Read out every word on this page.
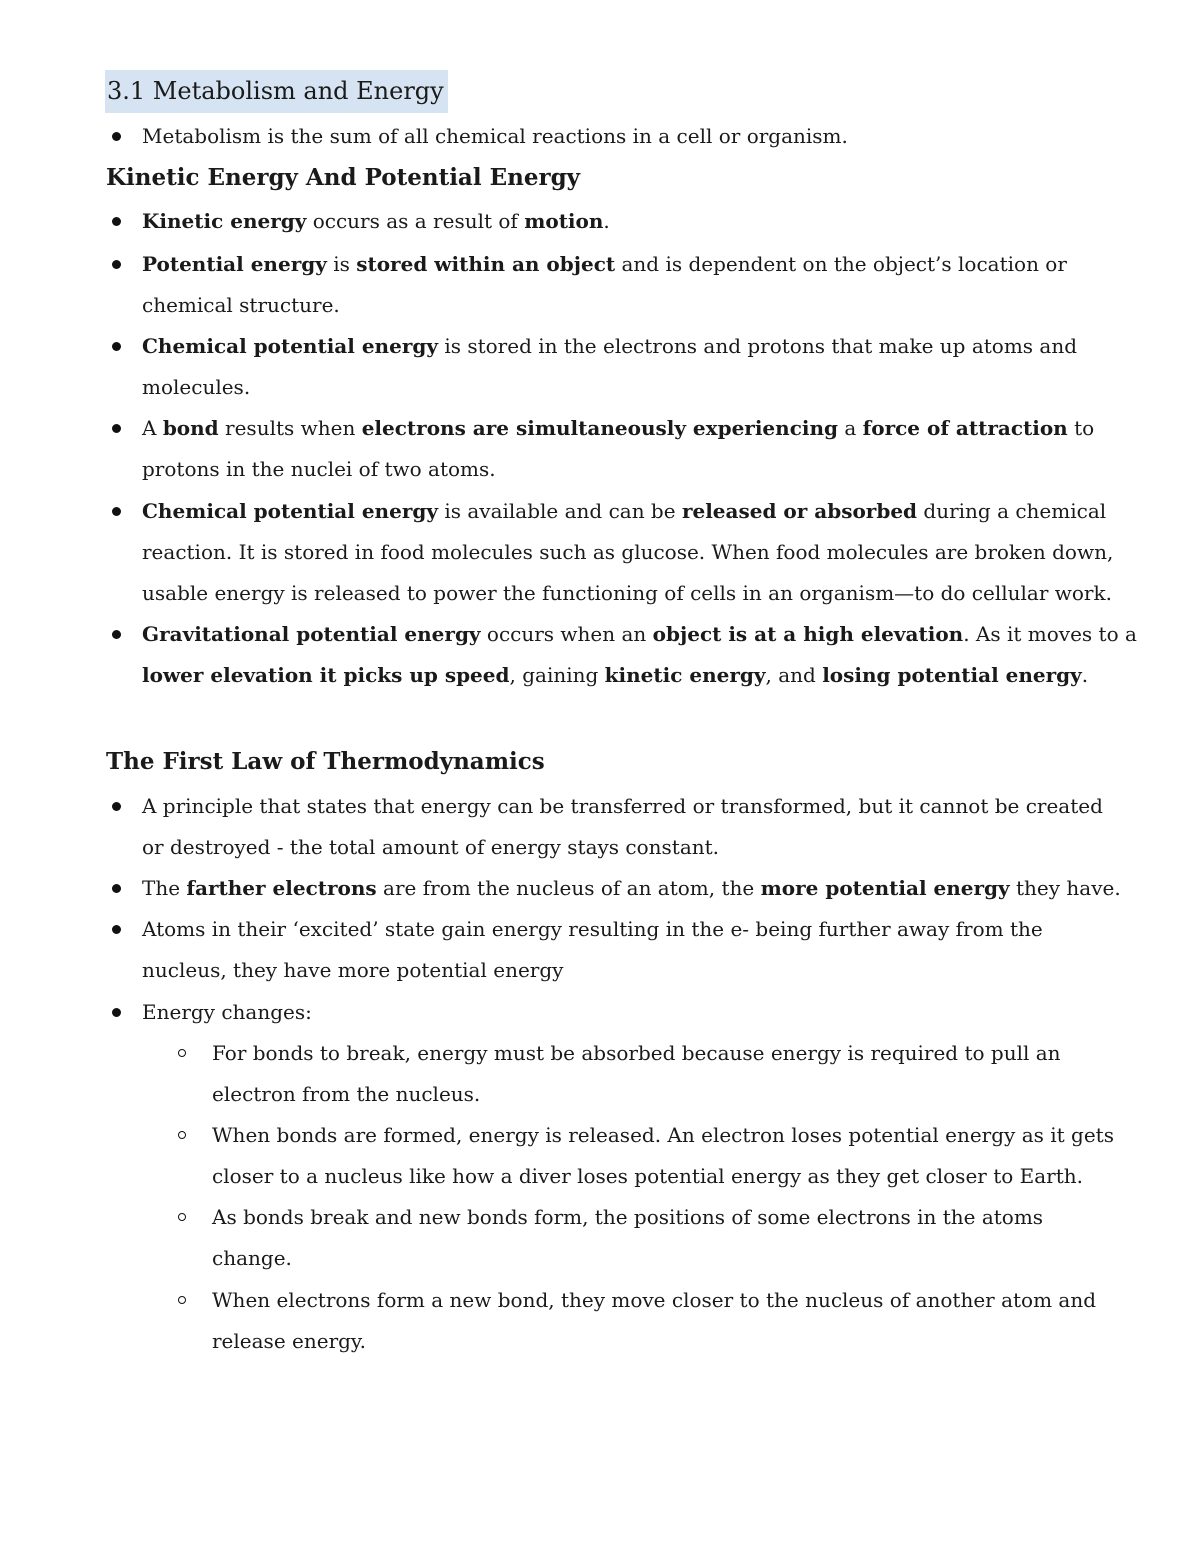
3.1 Metabolism and Energy

Metabolism is the sum of all chemical reactions in a cell or organism.

Kinetic Energy And Potential Energy

Kinetic energy occurs as a result of motion.

Potential energy is stored within an object and is dependent on the object’s location or

chemical structure.

Chemical potential energy is stored in the electrons and protons that make up atoms and

molecules.

A bond results when electrons are simultaneously experiencing a force of attraction to

protons in the nuclei of two atoms.

Chemical potential energy is available and can be released or absorbed during a chemical

reaction. It is stored in food molecules such as glucose. When food molecules are broken down,

usable energy is released to power the functioning of cells in an organism—to do cellular work.

Gravitational potential energy occurs when an object is at a high elevation. As it moves to a

lower elevation it picks up speed, gaining kinetic energy, and losing potential energy.

The First Law of Thermodynamics

A principle that states that energy can be transferred or transformed, but it cannot be created

or destroyed - the total amount of energy stays constant.

The farther electrons are from the nucleus of an atom, the more potential energy they have.

Atoms in their ‘excited’ state gain energy resulting in the e- being further away from the

nucleus, they have more potential energy

Energy changes:

For bonds to break, energy must be absorbed because energy is required to pull an

electron from the nucleus.

When bonds are formed, energy is released. An electron loses potential energy as it gets

closer to a nucleus like how a diver loses potential energy as they get closer to Earth.

As bonds break and new bonds form, the positions of some electrons in the atoms

change.

When electrons form a new bond, they move closer to the nucleus of another atom and

release energy.
